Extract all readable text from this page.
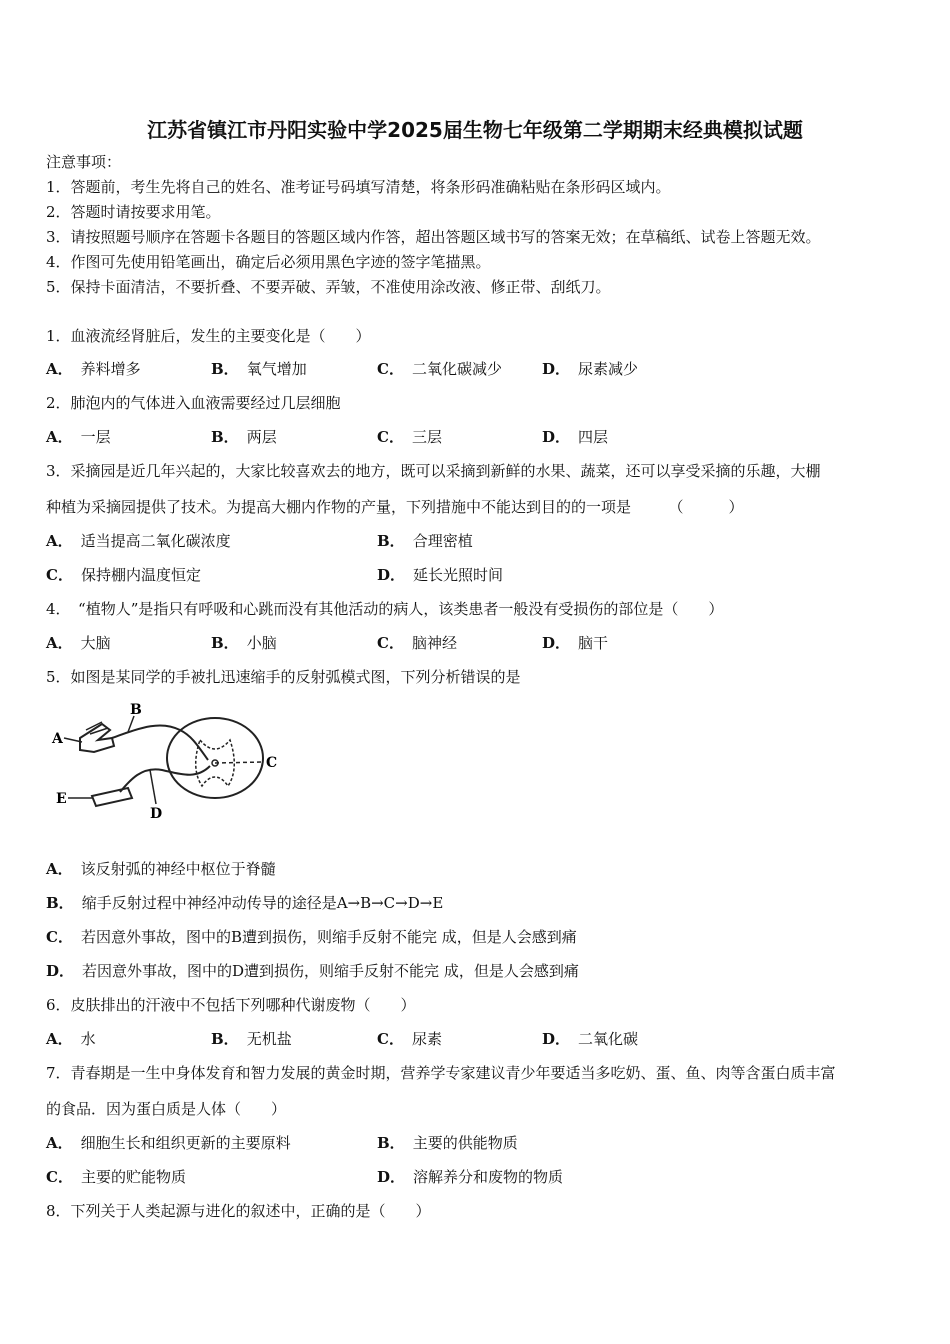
江苏省镇江市丹阳实验中学2025届生物七年级第二学期期末经典模拟试题
注意事项：
1．答题前，考生先将自己的姓名、准考证号码填写清楚，将条形码准确粘贴在条形码区域内。
2．答题时请按要求用笔。
3．请按照题号顺序在答题卡各题目的答题区域内作答，超出答题区域书写的答案无效；在草稿纸、试卷上答题无效。
4．作图可先使用铅笔画出，确定后必须用黑色字迹的签字笔描黑。
5．保持卡面清洁，不要折叠、不要弄破、弄皱，不准使用涂改液、修正带、刮纸刀。
1．血液流经肾脏后，发生的主要变化是（　　）
A． 养料增多	B． 氧气增加	C． 二氧化碳减少	D． 尿素减少
2．肺泡内的气体进入血液需要经过几层细胞
A． 一层	B． 两层	C． 三层	D． 四层
3．采摘园是近几年兴起的，大家比较喜欢去的地方，既可以采摘到新鲜的水果、蔬菜，还可以享受采摘的乐趣，大棚
种植为采摘园提供了技术。为提高大棚内作物的产量，下列措施中不能达到目的的一项是　　　（　　　）
A． 适当提高二氧化碳浓度	B． 合理密植
C． 保持棚内温度恒定	D． 延长光照时间
4．　“植物人”是指只有呼吸和心跳而没有其他活动的病人，该类患者一般没有受损伤的部位是（　　）
A． 大脑	B． 小脑	C． 脑神经	D． 脑干
5．如图是某同学的手被扎迅速缩手的反射弧模式图，下列分析错误的是
A
B
C
D
E
A． 该反射弧的神经中枢位于脊髓
B． 缩手反射过程中神经冲动传导的途径是A→B→C→D→E
C． 若因意外事故，图中的B遭到损伤，则缩手反射不能完 成，但是人会感到痛
D． 若因意外事故，图中的D遭到损伤，则缩手反射不能完 成，但是人会感到痛
6．皮肤排出的汗液中不包括下列哪种代谢废物（　　）
A． 水	B． 无机盐	C． 尿素	D． 二氧化碳
7．青春期是一生中身体发育和智力发展的黄金时期，营养学专家建议青少年要适当多吃奶、蛋、鱼、肉等含蛋白质丰富
的食品．因为蛋白质是人体（　　）
A． 细胞生长和组织更新的主要原料	B． 主要的供能物质
C． 主要的贮能物质	D． 溶解养分和废物的物质
8．下列关于人类起源与进化的叙述中，正确的是（　　）
